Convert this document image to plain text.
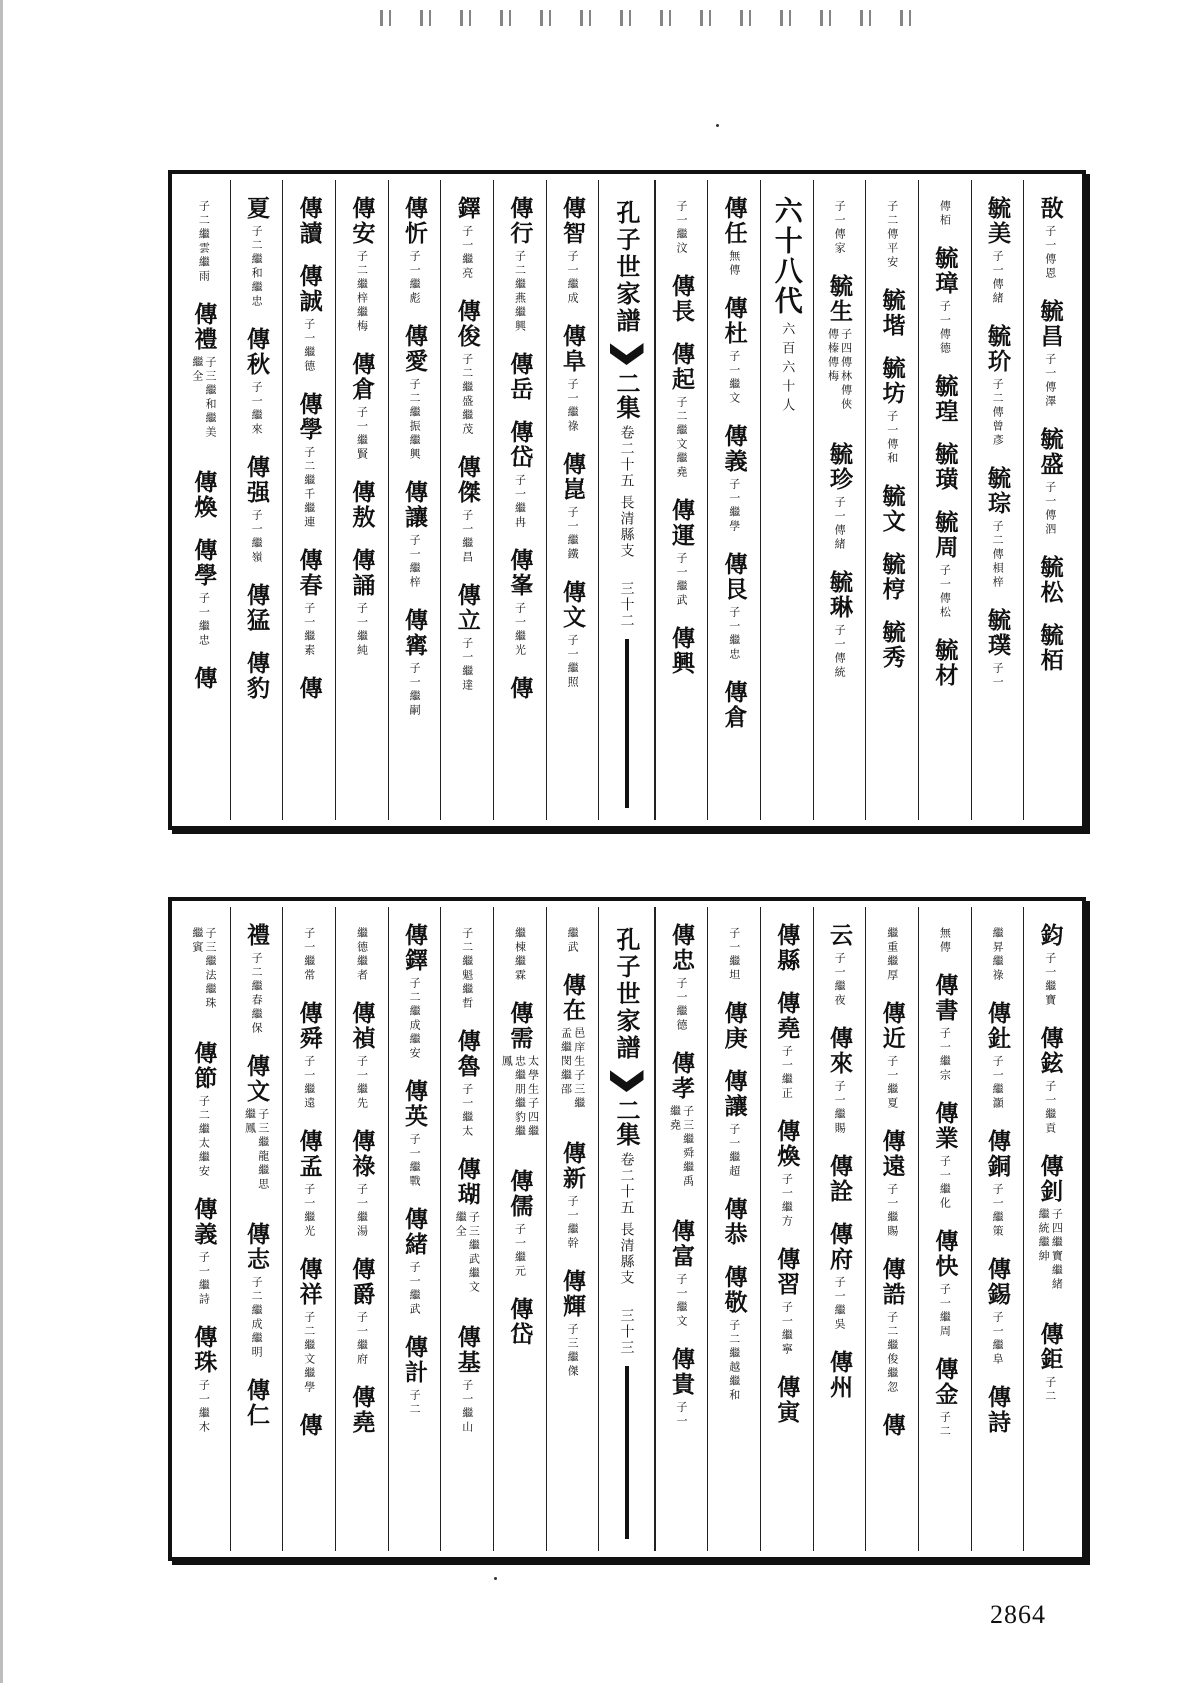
敔
子一傳恩
毓昌
子一傳澤
毓盛
子一傳泗
毓松
毓栢
毓美
子一傳緒
毓玠
子二傳曾彥
毓琮
子二傳梖梓
毓璞
子一
傳栢
毓璋
子一傳德
毓瑝
毓璜
毓周
子一傳松
毓材
子二傳平安
毓堦
毓坊
子一傳和
毓文
毓梈
毓秀
子一傳家
毓生
子四傳林傳俠傳榛傳梅
毓珍
子一傳緒
毓琳
子一傳統
六十八代
六百六十人
傳任
無傳
傳杜
子一繼文
傳義
子一繼學
傳艮
子一繼忠
傳倉
子一繼汶
傳長
傳起
子二繼文繼堯
傳運
子一繼武
傳興
孔子世家譜
二集
卷二十五
長清縣支
三十二
傳智
子一繼成
傳阜
子一繼祿
傳崑
子一繼鐵
傳文
子一繼照
傳行
子二繼燕繼興
傳岳
傳岱
子一繼冉
傳峯
子一繼光
傳
鐸
子一繼亮
傳俊
子二繼盛繼茂
傳傑
子一繼昌
傳立
子一繼達
傳忻
子一繼彪
傳愛
子二繼振繼興
傳讓
子一繼梓
傳寗
子一繼嗣
傳安
子二繼梓繼梅
傳倉
子一繼賢
傳敖
傳誦
子一繼純
傳讀
傳誠
子一繼德
傳學
子二繼千繼連
傳春
子一繼素
傳
夏
子二繼和繼忠
傳秋
子一繼來
傳强
子一繼嶺
傳猛
傳豹
子二繼雲繼雨
傳禮
子三繼和繼美繼全
傳煥
傳學
子一繼忠
傳
鈞
子一繼寶
傳鉉
子一繼貢
傳釗
子四繼寶繼緒繼統繼紳
傳鉅
子二
繼昇繼祿
傳釷
子一繼灝
傳銅
子一繼策
傳錫
子一繼阜
傳詩
無傳
傳書
子一繼宗
傳業
子一繼化
傳快
子一繼周
傳金
子二
繼重繼厚
傳近
子一繼夏
傳遠
子一繼賜
傳誥
子二繼俊繼忽
傳
云
子一繼夜
傳來
子一繼賜
傳詮
傳府
子一繼吳
傳州
傳縣
傳堯
子一繼正
傳煥
子一繼方
傳習
子一繼寧
傳寅
子一繼坦
傳庚
傳讓
子一繼超
傳恭
傳敬
子二繼越繼和
傳忠
子一繼德
傳孝
子三繼舜繼禹繼堯
傳富
子一繼文
傳貴
子一
孔子世家譜
二集
卷二十五
長清縣支
三十三
繼武
傳在
邑庠生子三繼孟繼閔繼邵
傳新
子一繼幹
傳輝
子三繼傑
繼棟繼霖
傳需
太學生子四繼忠繼朋繼豹繼鳳
傳儒
子一繼元
傳岱
子二繼魁繼哲
傳魯
子一繼太
傳瑚
子三繼武繼文繼全
傳基
子一繼山
傳鐸
子二繼成繼安
傳英
子一繼戰
傳緒
子一繼武
傳計
子二
繼德繼者
傳禎
子一繼先
傳祿
子一繼湯
傳爵
子一繼府
傳堯
子一繼常
傳舜
子一繼遠
傳孟
子一繼光
傳祥
子二繼文繼學
傳
禮
子二繼春繼保
傳文
子三繼龍繼思繼鳳
傳志
子二繼成繼明
傳仁
子三繼法繼珠繼賓
傳節
子二繼太繼安
傳義
子一繼詩
傳珠
子一繼木
2864
